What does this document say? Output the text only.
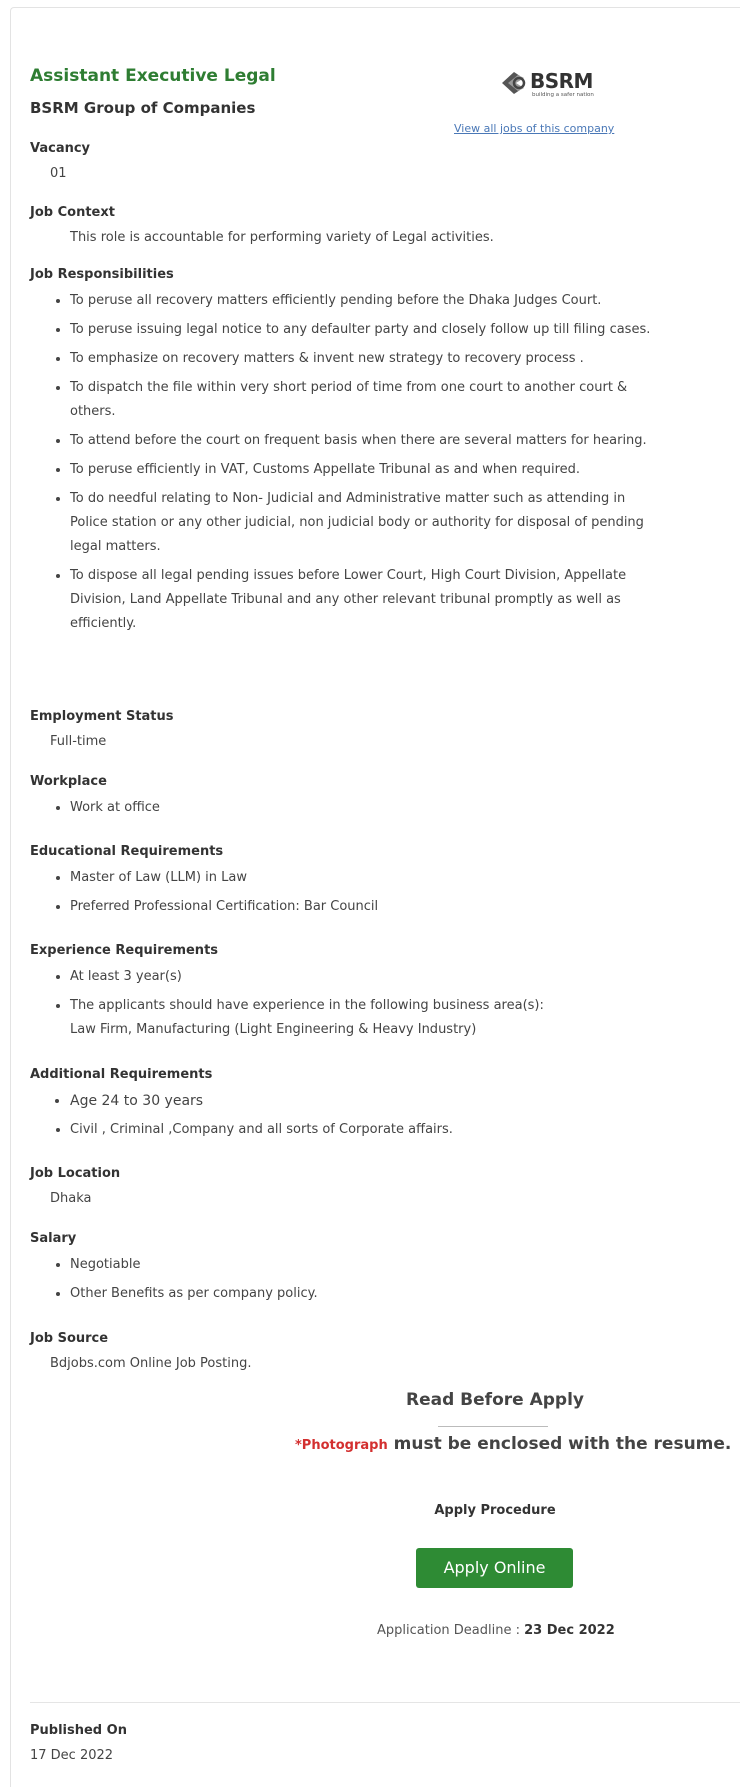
Assistant Executive Legal
BSRM Group of Companies
BSRM
building a safer nation
View all jobs of this company
Vacancy
01
Job Context
This role is accountable for performing variety of Legal activities.
Job Responsibilities
• To peruse all recovery matters efficiently pending before the Dhaka Judges Court.
• To peruse issuing legal notice to any defaulter party and closely follow up till filing cases.
• To emphasize on recovery matters & invent new strategy to recovery process .
• To dispatch the file within very short period of time from one court to another court & others.
• To attend before the court on frequent basis when there are several matters for hearing.
• To peruse efficiently in VAT, Customs Appellate Tribunal as and when required.
• To do needful relating to Non- Judicial and Administrative matter such as attending in Police station or any other judicial, non judicial body or authority for disposal of pending legal matters.
• To dispose all legal pending issues before Lower Court, High Court Division, Appellate Division, Land Appellate Tribunal and any other relevant tribunal promptly as well as efficiently.
Employment Status
Full-time
Workplace
• Work at office
Educational Requirements
• Master of Law (LLM) in Law
• Preferred Professional Certification: Bar Council
Experience Requirements
• At least 3 year(s)
• The applicants should have experience in the following business area(s):
Law Firm, Manufacturing (Light Engineering & Heavy Industry)
Additional Requirements
• Age 24 to 30 years
• Civil , Criminal ,Company and all sorts of Corporate affairs.
Job Location
Dhaka
Salary
• Negotiable
• Other Benefits as per company policy.
Job Source
Bdjobs.com Online Job Posting.
Read Before Apply
*Photograph must be enclosed with the resume.
Apply Procedure
Apply Online
Application Deadline : 23 Dec 2022
Published On
17 Dec 2022
